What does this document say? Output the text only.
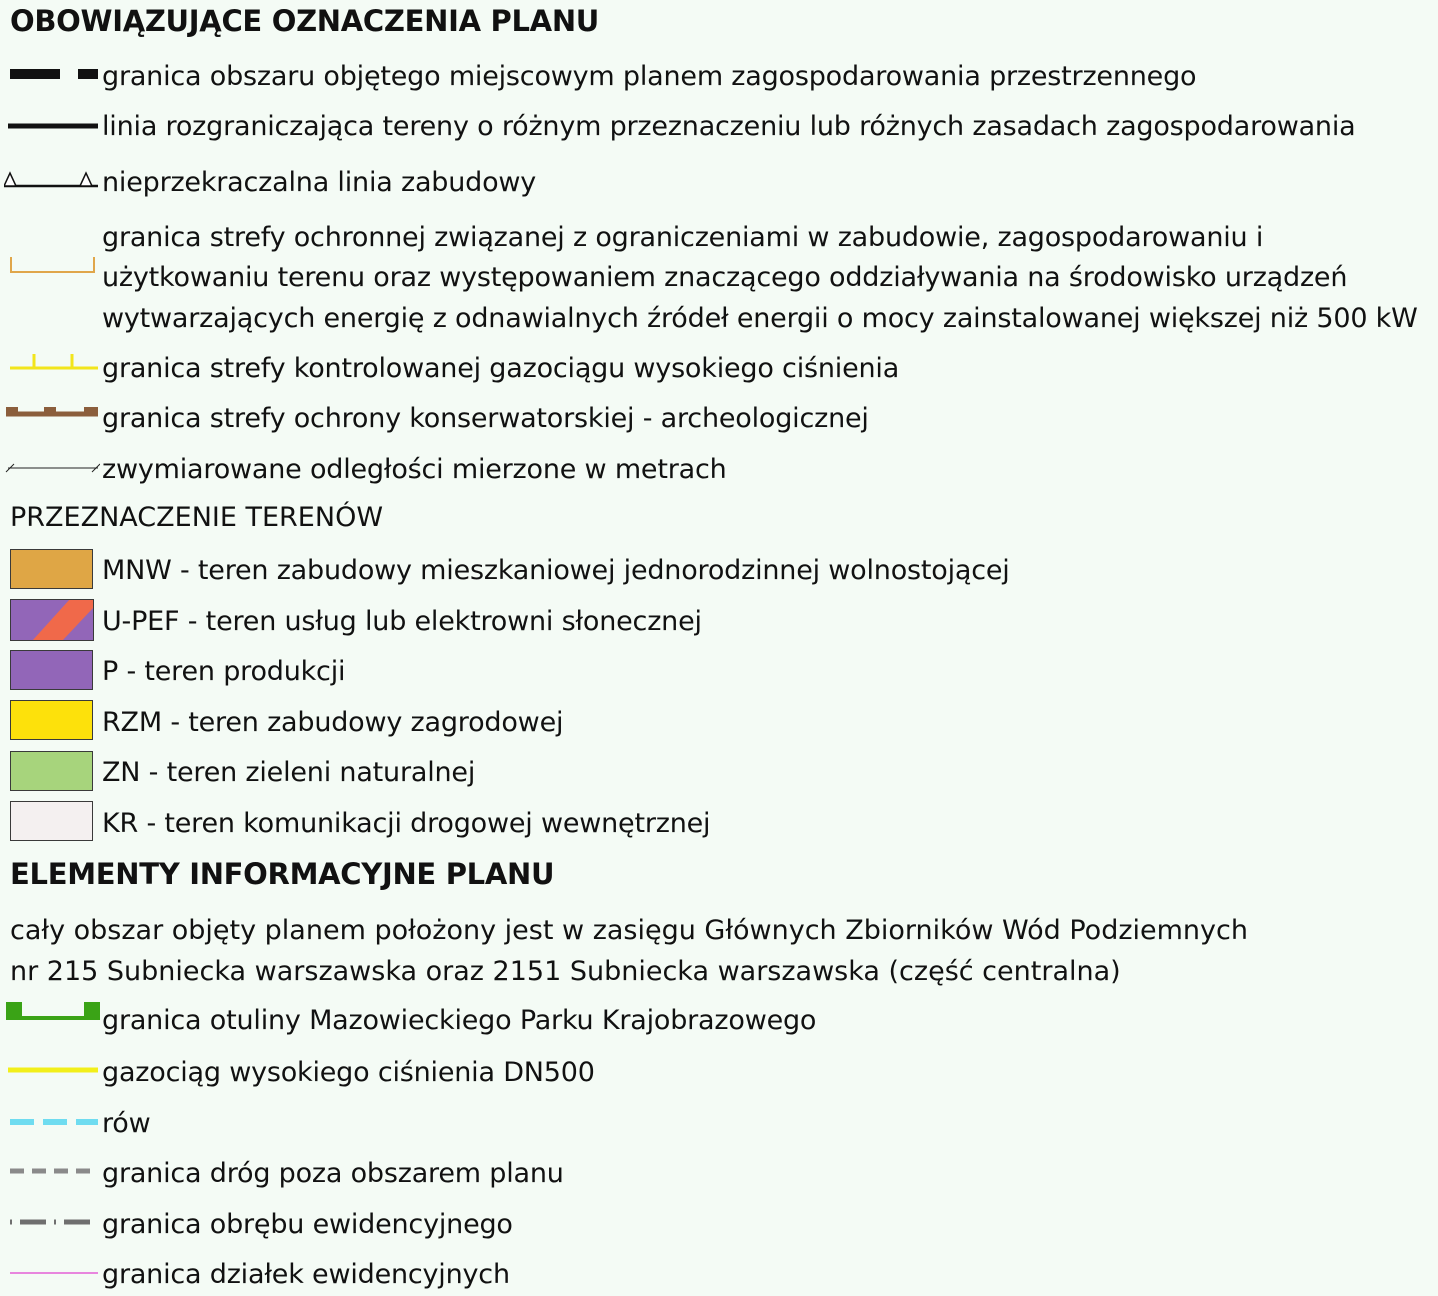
OBOWIĄZUJĄCE OZNACZENIA PLANU
granica obszaru objętego miejscowym planem zagospodarowania przestrzennego
linia rozgraniczająca tereny o różnym przeznaczeniu lub różnych zasadach zagospodarowania
nieprzekraczalna linia zabudowy
granica strefy ochronnej związanej z ograniczeniami w zabudowie, zagospodarowaniu i
użytkowaniu terenu oraz występowaniem znaczącego oddziaływania na środowisko urządzeń
wytwarzających energię z odnawialnych źródeł energii o mocy zainstalowanej większej niż 500 kW
granica strefy kontrolowanej gazociągu wysokiego ciśnienia
granica strefy ochrony konserwatorskiej - archeologicznej
zwymiarowane odległości mierzone w metrach
PRZEZNACZENIE TERENÓW
MNW - teren zabudowy mieszkaniowej jednorodzinnej wolnostojącej
U-PEF - teren usług lub elektrowni słonecznej
P - teren produkcji
RZM - teren zabudowy zagrodowej
ZN - teren zieleni naturalnej
KR - teren komunikacji drogowej wewnętrznej
ELEMENTY INFORMACYJNE PLANU
cały obszar objęty planem położony jest w zasięgu Głównych Zbiorników Wód Podziemnych
nr 215 Subniecka warszawska oraz 2151 Subniecka warszawska (część centralna)
granica otuliny Mazowieckiego Parku Krajobrazowego
gazociąg wysokiego ciśnienia DN500
rów
granica dróg poza obszarem planu
granica obrębu ewidencyjnego
granica działek ewidencyjnych
